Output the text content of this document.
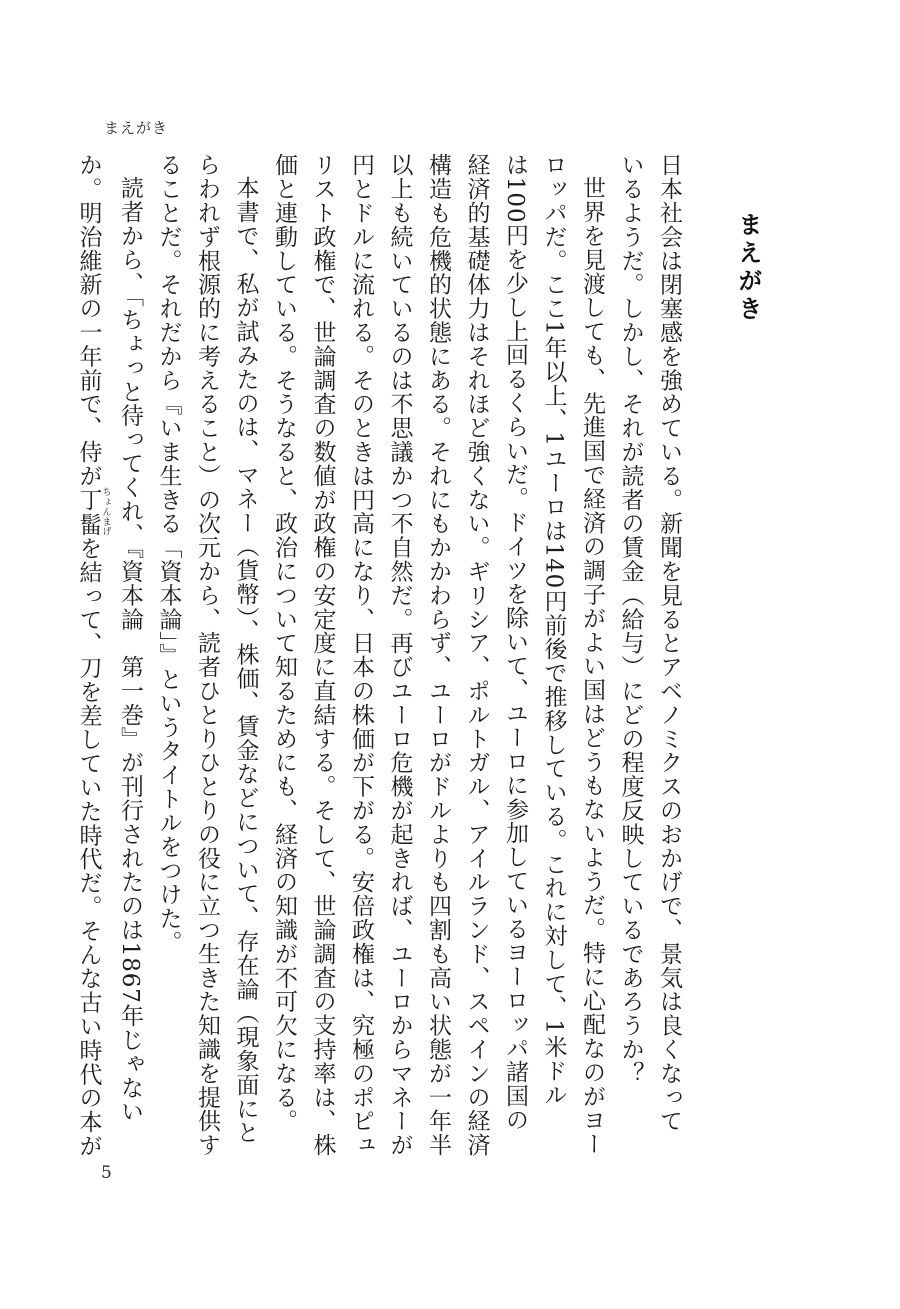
まえがき
まえがき

日本社会は閉塞感を強めている。新聞を見るとアベノミクスのおかげで、景気は良くなって

いるようだ。しかし、それが読者の賃金（給与）にどの程度反映しているであろうか？

世界を見渡しても、先進国で経済の調子がよい国はどうもないようだ。特に心配なのがヨー

ロッパだ。ここ1年以上、1ユーロは140円前後で推移している。これに対して、1米ドル

は100円を少し上回るくらいだ。ドイツを除いて、ユーロに参加しているヨーロッパ諸国の

経済的基礎体力はそれほど強くない。ギリシア、ポルトガル、アイルランド、スペインの経済

構造も危機的状態にある。それにもかかわらず、ユーロがドルよりも四割も高い状態が一年半

以上も続いているのは不思議かつ不自然だ。再びユーロ危機が起きれば、ユーロからマネーが

円とドルに流れる。そのときは円高になり、日本の株価が下がる。安倍政権は、究極のポピュ

リスト政権で、世論調査の数値が政権の安定度に直結する。そして、世論調査の支持率は、株

価と連動している。そうなると、政治について知るためにも、経済の知識が不可欠になる。

本書で、私が試みたのは、マネー（貨幣）、株価、賃金などについて、存在論（現象面にと

らわれず根源的に考えること）の次元から、読者ひとりひとりの役に立つ生きた知識を提供す

ることだ。それだから『いま生きる「資本論」』というタイトルをつけた。

読者から、「ちょっと待ってくれ、『資本論　第一巻』が刊行されたのは1867年じゃない

か。明治維新の一年前で、侍が丁髷 ちょんまげを結って、刀を差していた時代だ。そんな古い時代の本が

5
